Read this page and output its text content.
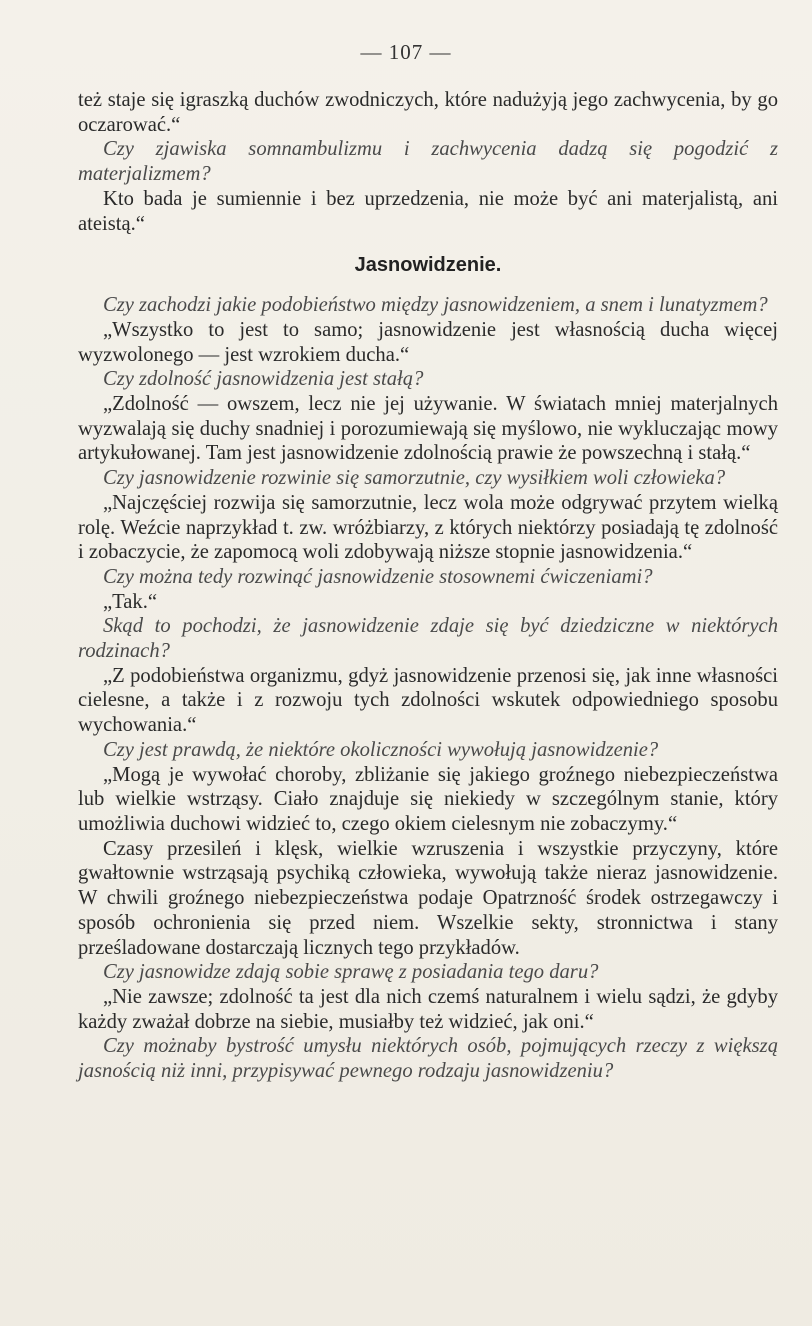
— 107 —

też staje się igraszką duchów zwodniczych, które nadużyją jego zachwycenia, by go oczarować.“

Czy zjawiska somnambulizmu i zachwycenia dadzą się pogodzić z materjalizmem?

Kto bada je sumiennie i bez uprzedzenia, nie może być ani materjalistą, ani ateistą.“

Jasnowidzenie.

Czy zachodzi jakie podobieństwo między jasnowidzeniem, a snem i lunatyzmem?

„Wszystko to jest to samo; jasnowidzenie jest własnością ducha więcej wyzwolonego — jest wzrokiem ducha.“

Czy zdolność jasnowidzenia jest stałą?

„Zdolność — owszem, lecz nie jej używanie. W światach mniej materjalnych wyzwalają się duchy snadniej i porozumiewają się myślowo, nie wykluczając mowy artykułowanej. Tam jest jasnowidzenie zdolnością prawie że powszechną i stałą.“

Czy jasnowidzenie rozwinie się samorzutnie, czy wysiłkiem woli człowieka?

„Najczęściej rozwija się samorzutnie, lecz wola może odgrywać przytem wielką rolę. Weźcie naprzykład t. zw. wróżbiarzy, z których niektórzy posiadają tę zdolność i zobaczycie, że zapomocą woli zdobywają niższe stopnie jasnowidzenia.“

Czy można tedy rozwinąć jasnowidzenie stosownemi ćwiczeniami?

„Tak.“

Skąd to pochodzi, że jasnowidzenie zdaje się być dziedziczne w niektórych rodzinach?

„Z podobieństwa organizmu, gdyż jasnowidzenie przenosi się, jak inne własności cielesne, a także i z rozwoju tych zdolności wskutek odpowiedniego sposobu wychowania.“

Czy jest prawdą, że niektóre okoliczności wywołują jasnowidzenie?

„Mogą je wywołać choroby, zbliżanie się jakiego groźnego niebezpieczeństwa lub wielkie wstrząsy. Ciało znajduje się niekiedy w szczególnym stanie, który umożliwia duchowi widzieć to, czego okiem cielesnym nie zobaczymy.“

Czasy przesileń i klęsk, wielkie wzruszenia i wszystkie przyczyny, które gwałtownie wstrząsają psychiką człowieka, wywołują także nieraz jasnowidzenie. W chwili groźnego niebezpieczeństwa podaje Opatrzność środek ostrzegawczy i sposób ochronienia się przed niem. Wszelkie sekty, stronnictwa i stany prześladowane dostarczają licznych tego przykładów.

Czy jasnowidze zdają sobie sprawę z posiadania tego daru?

„Nie zawsze; zdolność ta jest dla nich czemś naturalnem i wielu sądzi, że gdyby każdy zważał dobrze na siebie, musiałby też widzieć, jak oni.“

Czy możnaby bystrość umysłu niektórych osób, pojmujących rzeczy z większą jasnością niż inni, przypisywać pewnego rodzaju jasnowidzeniu?
